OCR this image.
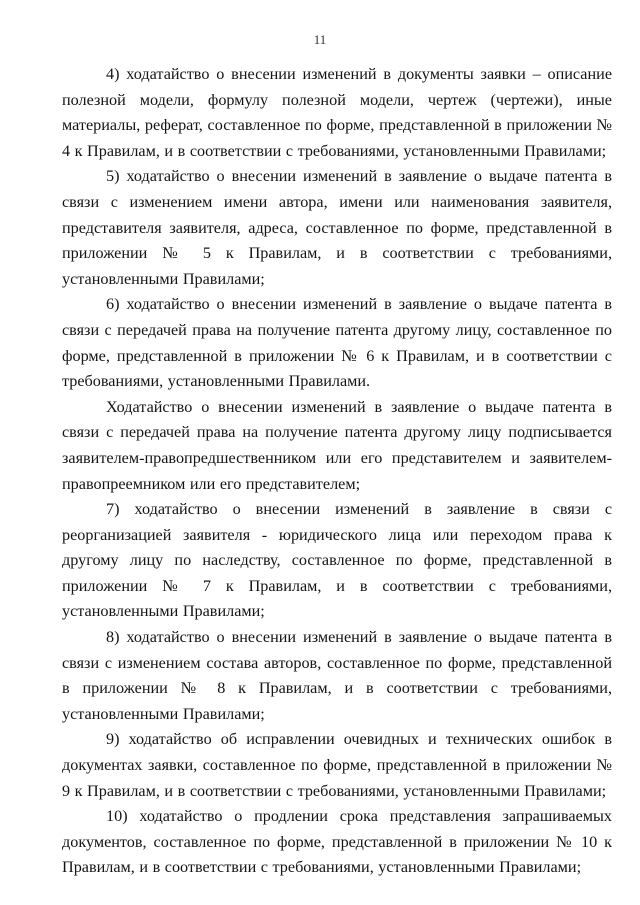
11

4) ходатайство о внесении изменений в документы заявки – описание полезной модели, формулу полезной модели, чертеж (чертежи), иные материалы, реферат, составленное по форме, представленной в приложении № 4 к Правилам, и в соответствии с требованиями, установленными Правилами;

5) ходатайство о внесении изменений в заявление о выдаче патента в связи с изменением имени автора, имени или наименования заявителя, представителя заявителя, адреса, составленное по форме, представленной в приложении № 5 к Правилам, и в соответствии с требованиями, установленными Правилами;

6) ходатайство о внесении изменений в заявление о выдаче патента в связи с передачей права на получение патента другому лицу, составленное по форме, представленной в приложении № 6 к Правилам, и в соответствии с требованиями, установленными Правилами.

Ходатайство о внесении изменений в заявление о выдаче патента в связи с передачей права на получение патента другому лицу подписывается заявителем-правопредшественником или его представителем и заявителем-правопреемником или его представителем;

7) ходатайство о внесении изменений в заявление в связи с реорганизацией заявителя - юридического лица или переходом права к другому лицу по наследству, составленное по форме, представленной в приложении № 7 к Правилам, и в соответствии с требованиями, установленными Правилами;

8) ходатайство о внесении изменений в заявление о выдаче патента в связи с изменением состава авторов, составленное по форме, представленной в приложении № 8 к Правилам, и в соответствии с требованиями, установленными Правилами;

9) ходатайство об исправлении очевидных и технических ошибок в документах заявки, составленное по форме, представленной в приложении № 9 к Правилам, и в соответствии с требованиями, установленными Правилами;

10) ходатайство о продлении срока представления запрашиваемых документов, составленное по форме, представленной в приложении № 10 к Правилам, и в соответствии с требованиями, установленными Правилами;
